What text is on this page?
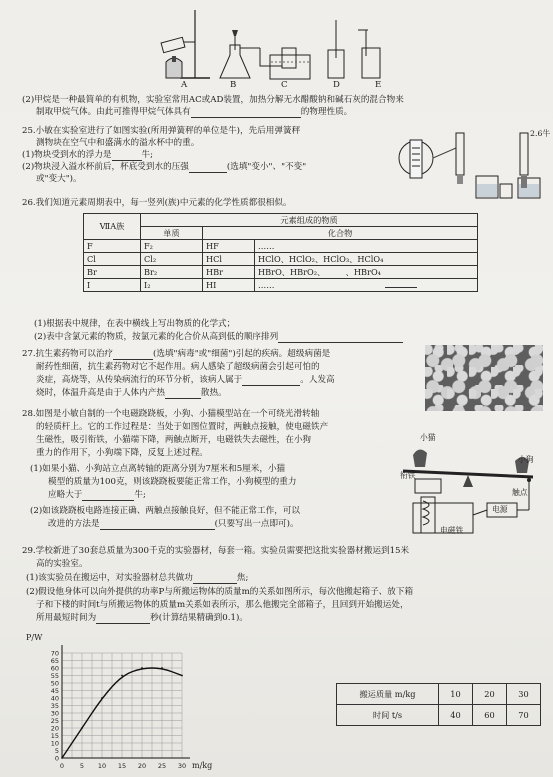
A	B	C	D	E
(2)甲烷是一种最简单的有机物，实验室常用AC或AD装置，加热分解无水醋酸钠和碱石灰的混合物来
制取甲烷气体。由此可推得甲烷气体具有	的物理性质。
25.小敏在实验室进行了如图实验(所用弹簧秤的单位是牛)，先后用弹簧秤
测物块在空气中和盛满水的溢水杯中的重。
(1)物块受到水的浮力是	牛;
(2)物块浸入溢水杯前后，杯底受到水的压强	(选填"变小"、"不变"
或"变大")。
2.6牛
26.我们知道元素周期表中，每一竖列(族)中元素的化学性质都很相似。
ⅦA族	元素组成的物质		
	单质	化合物	
F	F₂	HF	……
Cl	Cl₂	HCl	HClO、HClO₂、HClO₃、HClO₄
Br	Br₂	HBr	HBrO、HBrO₂、　　　、HBrO₄
I	I₂	HI	……
(1)根据表中规律，在表中横线上写出物质的化学式；
(2)表中含氯元素的物质，按氯元素的化合价从高到低的顺序排列
27.抗生素药物可以治疗	(选填"病毒"或"细菌")引起的疾病。超级病菌是
耐药性细菌，抗生素药物对它不起作用。病人感染了超级病菌会引起可怕的
炎症，高烧等，从传染病流行的环节分析，该病人属于	。人发高
烧时，体温升高是由于人体内产热	散热。
28.如图是小敏自制的一个电磁跷跷板，小狗、小猫模型站在一个可绕光滑转轴
的轻质杆上。它的工作过程是：当处于如图位置时，两触点接触，使电磁铁产
生磁性，吸引衔铁，小猫端下降，两触点断开，电磁铁失去磁性，在小狗
重力的作用下，小狗端下降，反复上述过程。
(1)如果小猫、小狗站立点离转轴的距离分别为7厘米和5厘米，小猫
模型的质量为100克，则该跷跷板要能正常工作，小狗模型的重力
应略大于	牛;
(2)如该跷跷板电路连接正确、两触点接触良好，但不能正常工作，可以
改进的方法是	(只要写出一点即可)。
小猫
小狗
衔铁
触点
电源
电磁铁
29.学校新进了30套总质量为300千克的实验器材，每套一箱。实验员需要把这批实验器材搬运到15米
高的实验室。
(1)该实验员在搬运中，对实验器材总共做功	焦;
(2)假设他身体可以向外提供的功率P与所搬运物体的质量m的关系如图所示，每次他搬起箱子、放下箱
子和下楼的时间t与所搬运物体的质量m关系如表所示，那么他搬完全部箱子，且回到开始搬运处，
所用最短时间为	秒(计算结果精确到0.1)。
P/W
m/kg
0
5
10
15
20
25
30
35
40
45
50
55
60
65
70
0 5 10 15 20 25 30
搬运质量 m/kg	10	20	30
时间 t/s	40	60	70
